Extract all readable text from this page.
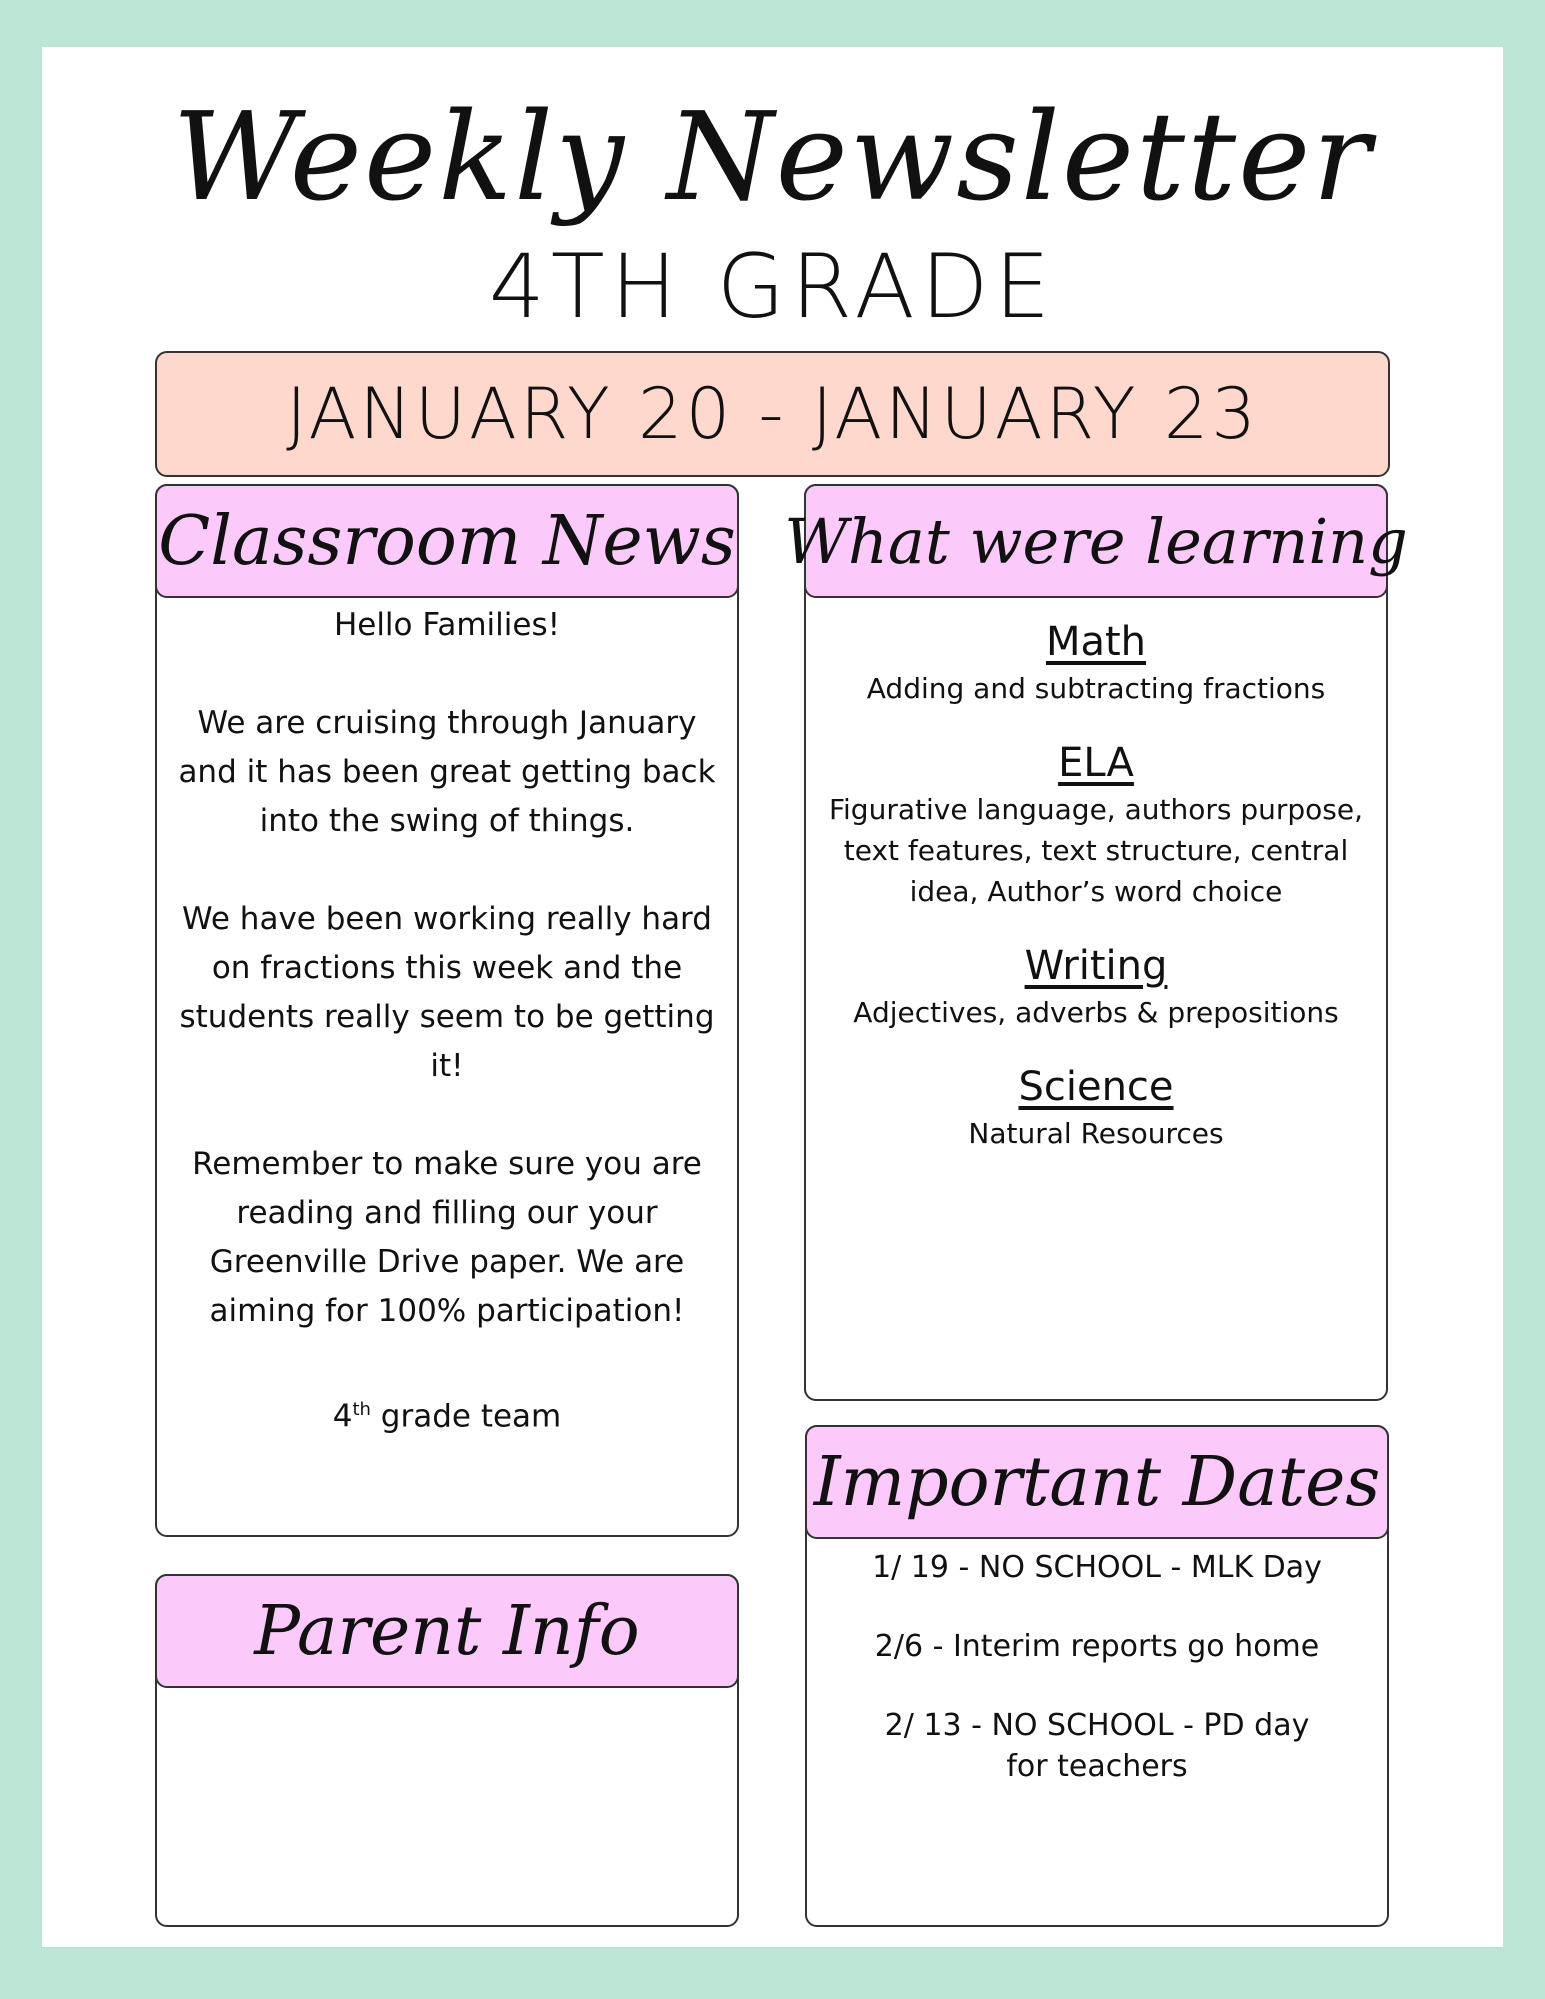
Weekly Newsletter
4TH GRADE
JANUARY 20 - JANUARY 23
Classroom News

Hello Families!

We are cruising through January and it has been great getting back into the swing of things.

We have been working really hard on fractions this week and the students really seem to be getting it!

Remember to make sure you are reading and filling our your Greenville Drive paper. We are aiming for 100% participation!

4th grade team

Parent Info
What were learning
Math
Adding and subtracting fractions
ELA
Figurative language, authors purpose, text features, text structure, central idea, Author’s word choice
Writing
Adjectives, adverbs & prepositions
Science
Natural Resources
Important Dates

1/ 19 - NO SCHOOL - MLK Day

2/6 - Interim reports go home

2/ 13 - NO SCHOOL - PD day for teachers
